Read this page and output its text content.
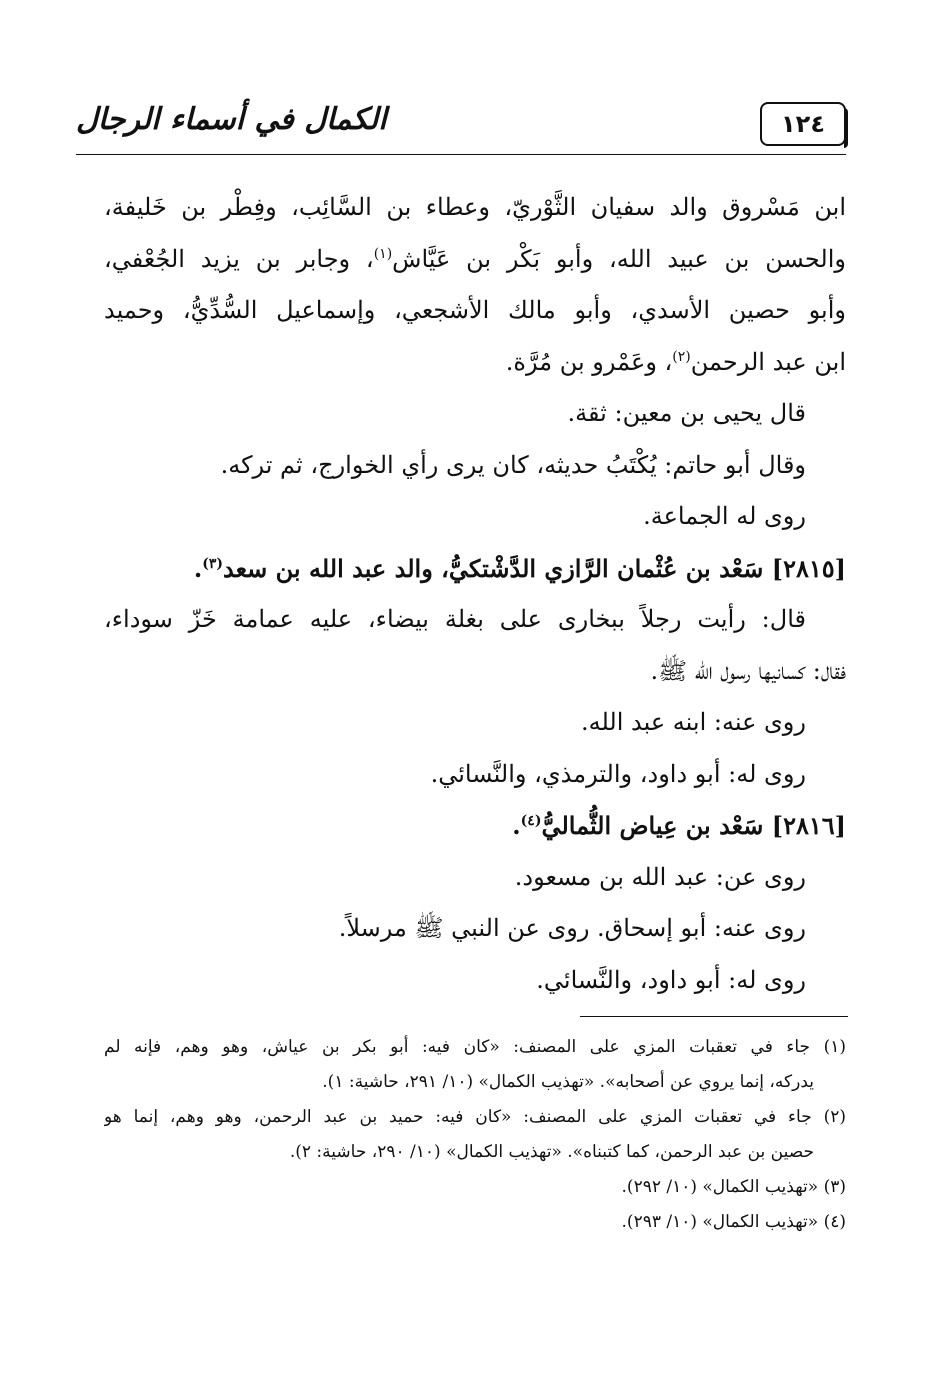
١٢٤
الكمال في أسماء الرجال
ابن مَسْروق والد سفيان الثَّوْريّ، وعطاء بن السَّائِب، وفِطْر بن خَليفة،
والحسن بن عبيد الله، وأبو بَكْر بن عَيَّاش$^{(١)}$، وجابر بن يزيد الجُعْفي،
وأبو حصين الأسدي، وأبو مالك الأشجعي، وإسماعيل السُّدِّيُّ، وحميد
ابن عبد الرحمن$^{(٢)}$، وعَمْرو بن مُرَّة.
قال يحيى بن معين: ثقة.
وقال أبو حاتم: يُكْتَبُ حديثه، كان يرى رأي الخوارج، ثم تركه.
روى له الجماعة.
[٢٨١٥] سَعْد بن عُثْمان الرَّازي الدَّشْتكيُّ، والد عبد الله بن سعد$^{(٣)}$.
قال: رأيت رجلاً ببخارى على بغلة بيضاء، عليه عمامة خَزّ سوداء،
فقال: كسانيها رسول الله ﷺ.
روى عنه: ابنه عبد الله.
روى له: أبو داود، والترمذي، والنَّسائي.
[٢٨١٦] سَعْد بن عِياض الثُّماليُّ$^{(٤)}$.
روى عن: عبد الله بن مسعود.
روى عنه: أبو إسحاق. روى عن النبي ﷺ مرسلاً.
روى له: أبو داود، والنَّسائي.
(١) جاء في تعقبات المزي على المصنف: «كان فيه: أبو بكر بن عياش، وهو وهم، فإنه لم
يدركه، إنما يروي عن أصحابه». «تهذيب الكمال» (١٠/ ٢٩١، حاشية: ١).
(٢) جاء في تعقبات المزي على المصنف: «كان فيه: حميد بن عبد الرحمن، وهو وهم، إنما هو
حصين بن عبد الرحمن، كما كتبناه». «تهذيب الكمال» (١٠/ ٢٩٠، حاشية: ٢).
(٣) «تهذيب الكمال» (١٠/ ٢٩٢).
(٤) «تهذيب الكمال» (١٠/ ٢٩٣).
